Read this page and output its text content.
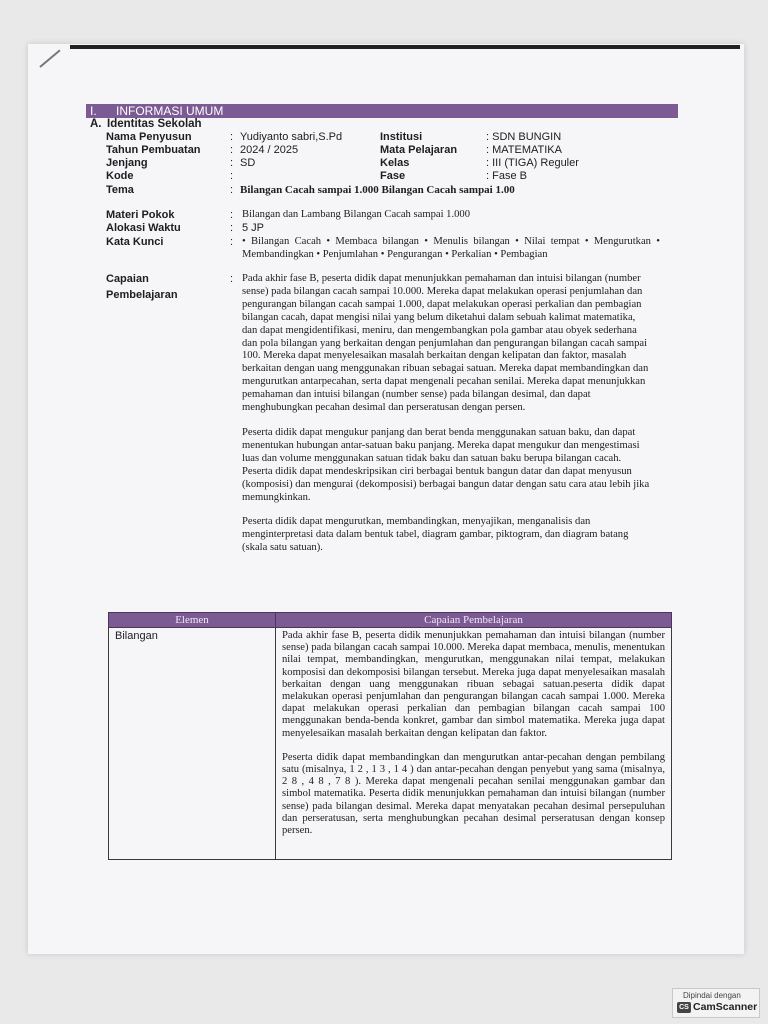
I. INFORMASI UMUM
A. Identitas Sekolah
Nama Penyusun	: Yudiyanto sabri,S.Pd	Institusi	: SDN BUNGIN
Tahun Pembuatan	: 2024 / 2025	Mata Pelajaran	: MATEMATIKA
Jenjang	: SD	Kelas	: III (TIGA) Reguler
Kode	:	Fase	: Fase B
Tema	: Bilangan Cacah sampai 1.000 Bilangan Cacah sampai 1.00
Materi Pokok	: Bilangan dan Lambang Bilangan Cacah sampai 1.000
Alokasi Waktu	: 5 JP
Kata Kunci	: • Bilangan Cacah • Membaca bilangan • Menulis bilangan • Nilai tempat • Mengurutkan • Membandingkan • Penjumlahan • Pengurangan • Perkalian • Pembagian
Capaian
Pembelajaran
: Pada akhir fase B, peserta didik dapat menunjukkan pemahaman dan intuisi bilangan (number sense) pada bilangan cacah sampai 10.000. Mereka dapat melakukan operasi penjumlahan dan pengurangan bilangan cacah sampai 1.000, dapat melakukan operasi perkalian dan pembagian bilangan cacah, dapat mengisi nilai yang belum diketahui dalam sebuah kalimat matematika, dan dapat mengidentifikasi, meniru, dan mengembangkan pola gambar atau obyek sederhana dan pola bilangan yang berkaitan dengan penjumlahan dan pengurangan bilangan cacah sampai 100. Mereka dapat menyelesaikan masalah berkaitan dengan kelipatan dan faktor, masalah berkaitan dengan uang menggunakan ribuan sebagai satuan. Mereka dapat membandingkan dan mengurutkan antarpecahan, serta dapat mengenali pecahan senilai. Mereka dapat menunjukkan pemahaman dan intuisi bilangan (number sense) pada bilangan desimal, dan dapat menghubungkan pecahan desimal dan perseratusan dengan persen.

Peserta didik dapat mengukur panjang dan berat benda menggunakan satuan baku, dan dapat menentukan hubungan antar-satuan baku panjang. Mereka dapat mengukur dan mengestimasi luas dan volume menggunakan satuan tidak baku dan satuan baku berupa bilangan cacah. Peserta didik dapat mendeskripsikan ciri berbagai bentuk bangun datar dan dapat menyusun (komposisi) dan mengurai (dekomposisi) berbagai bangun datar dengan satu cara atau lebih jika memungkinkan.

Peserta didik dapat mengurutkan, membandingkan, menyajikan, menganalisis dan menginterpretasi data dalam bentuk tabel, diagram gambar, piktogram, dan diagram batang (skala satu satuan).

Elemen	Capaian Pembelajaran
Bilangan	Pada akhir fase B, peserta didik menunjukkan pemahaman dan intuisi bilangan (number sense) pada bilangan cacah sampai 10.000. Mereka dapat membaca, menulis, menentukan nilai tempat, membandingkan, mengurutkan, menggunakan nilai tempat, melakukan komposisi dan dekomposisi bilangan tersebut. Mereka juga dapat menyelesaikan masalah berkaitan dengan uang menggunakan ribuan sebagai satuan.peserta didik dapat melakukan operasi penjumlahan dan pengurangan bilangan cacah sampai 1.000. Mereka dapat melakukan operasi perkalian dan pembagian bilangan cacah sampai 100 menggunakan benda-benda konkret, gambar dan simbol matematika. Mereka juga dapat menyelesaikan masalah berkaitan dengan kelipatan dan faktor.

Peserta didik dapat membandingkan dan mengurutkan antar-pecahan dengan pembilang satu (misalnya, 1 2 , 1 3 , 1 4 ) dan antar-pecahan dengan penyebut yang sama (misalnya, 2 8 , 4 8 , 7 8 ). Mereka dapat mengenali pecahan senilai menggunakan gambar dan simbol matematika. Peserta didik menunjukkan pemahaman dan intuisi bilangan (number sense) pada bilangan desimal. Mereka dapat menyatakan pecahan desimal persepuluhan dan perseratusan, serta menghubungkan pecahan desimal perseratusan dengan konsep persen.

Dipindai dengan
CS CamScanner
